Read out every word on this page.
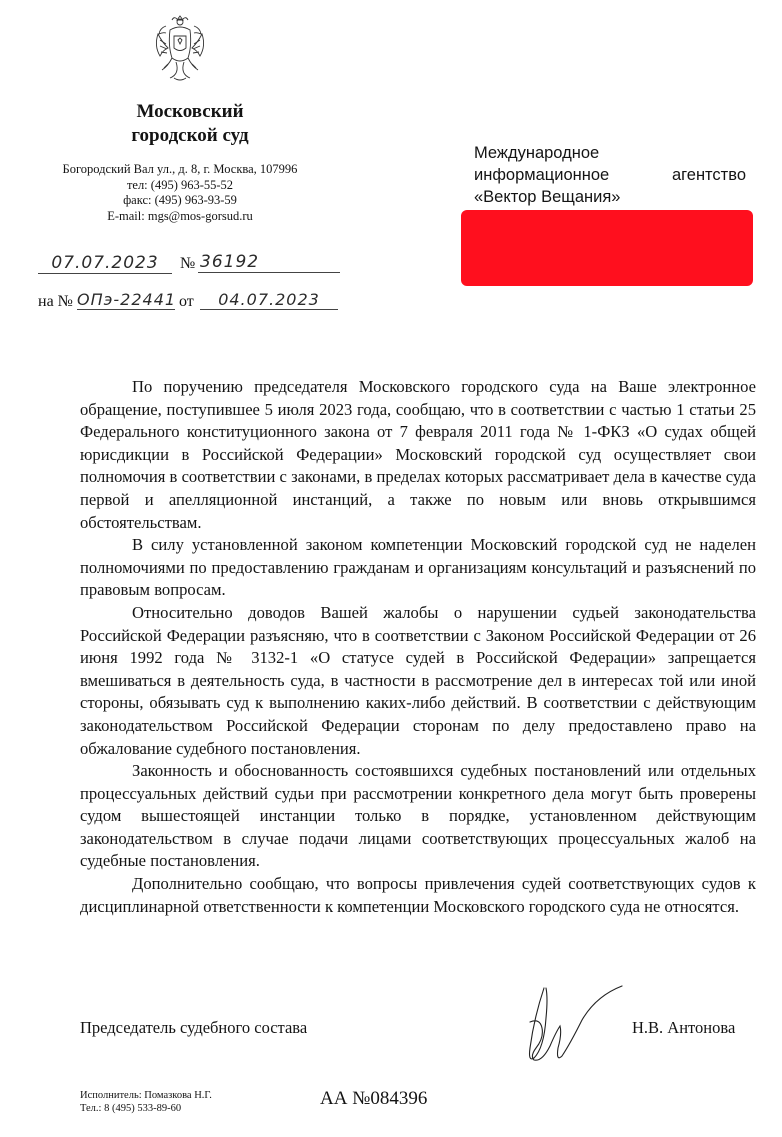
Московский
городской суд
Богородский Вал ул., д. 8, г. Москва, 107996
тел: (495) 963-55-52
факс: (495) 963-93-59
E-mail: mgs@mos-gorsud.ru
07.07.2023	№ 36192
на № ОПэ-22441 от	04.07.2023
Международное
информационное	агентство
«Вектор Вещания»

По поручению председателя Московского городского суда на Ваше электронное обращение, поступившее 5 июля 2023 года, сообщаю, что в соответствии с частью 1 статьи 25 Федерального конституционного закона от 7 февраля 2011 года № 1-ФКЗ «О судах общей юрисдикции в Российской Федерации» Московский городской суд осуществляет свои полномочия в соответствии с законами, в пределах которых рассматривает дела в качестве суда первой и апелляционной инстанций, а также по новым или вновь открывшимся обстоятельствам.

В силу установленной законом компетенции Московский городской суд не наделен полномочиями по предоставлению гражданам и организациям консультаций и разъяснений по правовым вопросам.

Относительно доводов Вашей жалобы о нарушении судьей законодательства Российской Федерации разъясняю, что в соответствии с Законом Российской Федерации от 26 июня 1992 года № 3132-1 «О статусе судей в Российской Федерации» запрещается вмешиваться в деятельность суда, в частности в рассмотрение дел в интересах той или иной стороны, обязывать суд к выполнению каких-либо действий. В соответствии с действующим законодательством Российской Федерации сторонам по делу предоставлено право на обжалование судебного постановления.

Законность и обоснованность состоявшихся судебных постановлений или отдельных процессуальных действий судьи при рассмотрении конкретного дела могут быть проверены судом вышестоящей инстанции только в порядке, установленном действующим законодательством в случае подачи лицами соответствующих процессуальных жалоб на судебные постановления.

Дополнительно сообщаю, что вопросы привлечения судей соответствующих судов к дисциплинарной ответственности к компетенции Московского городского суда не относятся.

Председатель судебного состава	Н.В. Антонова
Исполнитель: Помазкова Н.Г.
Тел.: 8 (495) 533-89-60	АА №084396
